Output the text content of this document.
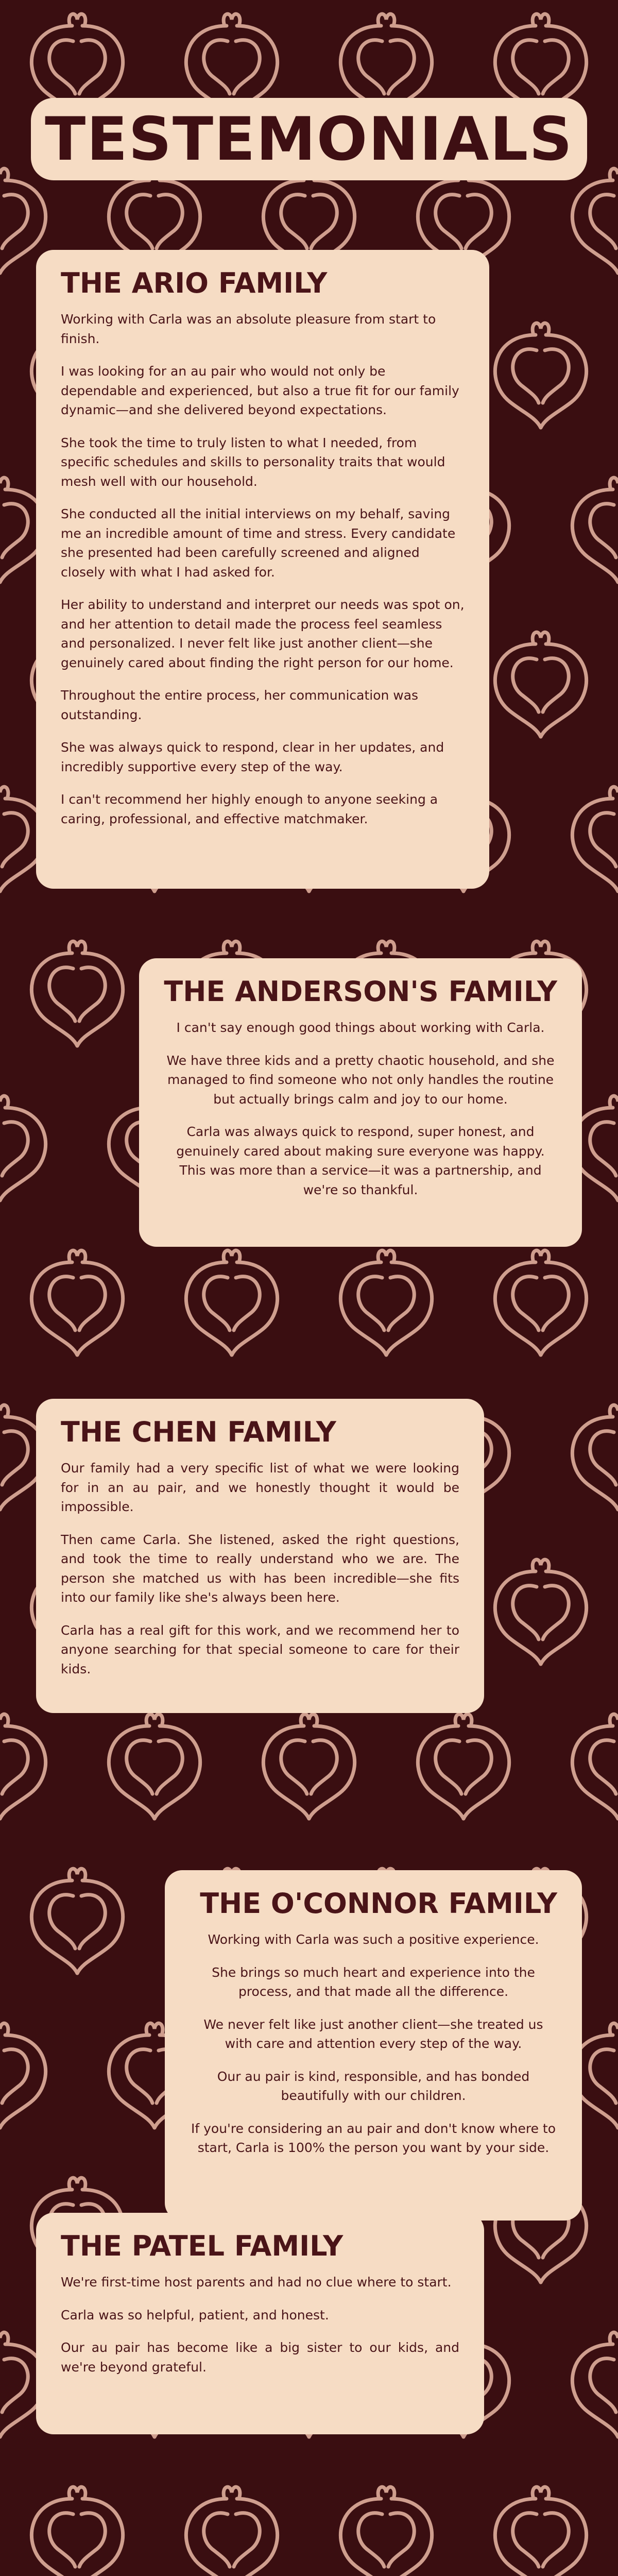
TESTEMONIALS
THE ARIO FAMILY

Working with Carla was an absolute pleasure from start to finish.

I was looking for an au pair who would not only be dependable and experienced, but also a true fit for our family dynamic—and she delivered beyond expectations.

She took the time to truly listen to what I needed, from specific schedules and skills to personality traits that would mesh well with our household.

She conducted all the initial interviews on my behalf, saving me an incredible amount of time and stress. Every candidate she presented had been carefully screened and aligned closely with what I had asked for.

Her ability to understand and interpret our needs was spot on, and her attention to detail made the process feel seamless and personalized. I never felt like just another client—she genuinely cared about finding the right person for our home.

Throughout the entire process, her communication was outstanding.

She was always quick to respond, clear in her updates, and incredibly supportive every step of the way.

I can't recommend her highly enough to anyone seeking a caring, professional, and effective matchmaker.

THE ANDERSON'S FAMILY

I can't say enough good things about working with Carla.

We have three kids and a pretty chaotic household, and she managed to find someone who not only handles the routine but actually brings calm and joy to our home.

Carla was always quick to respond, super honest, and genuinely cared about making sure everyone was happy. This was more than a service—it was a partnership, and we're so thankful.

THE CHEN FAMILY

Our family had a very specific list of what we were looking for in an au pair, and we honestly thought it would be impossible.

Then came Carla. She listened, asked the right questions, and took the time to really understand who we are. The person she matched us with has been incredible—she fits into our family like she's always been here.

Carla has a real gift for this work, and we recommend her to anyone searching for that special someone to care for their kids.

THE O'CONNOR FAMILY

Working with Carla was such a positive experience.

She brings so much heart and experience into the process, and that made all the difference.

We never felt like just another client—she treated us with care and attention every step of the way.

Our au pair is kind, responsible, and has bonded beautifully with our children.

If you're considering an au pair and don't know where to start, Carla is 100% the person you want by your side.

THE PATEL FAMILY

We're first-time host parents and had no clue where to start.

Carla was so helpful, patient, and honest.

Our au pair has become like a big sister to our kids, and we're beyond grateful.
